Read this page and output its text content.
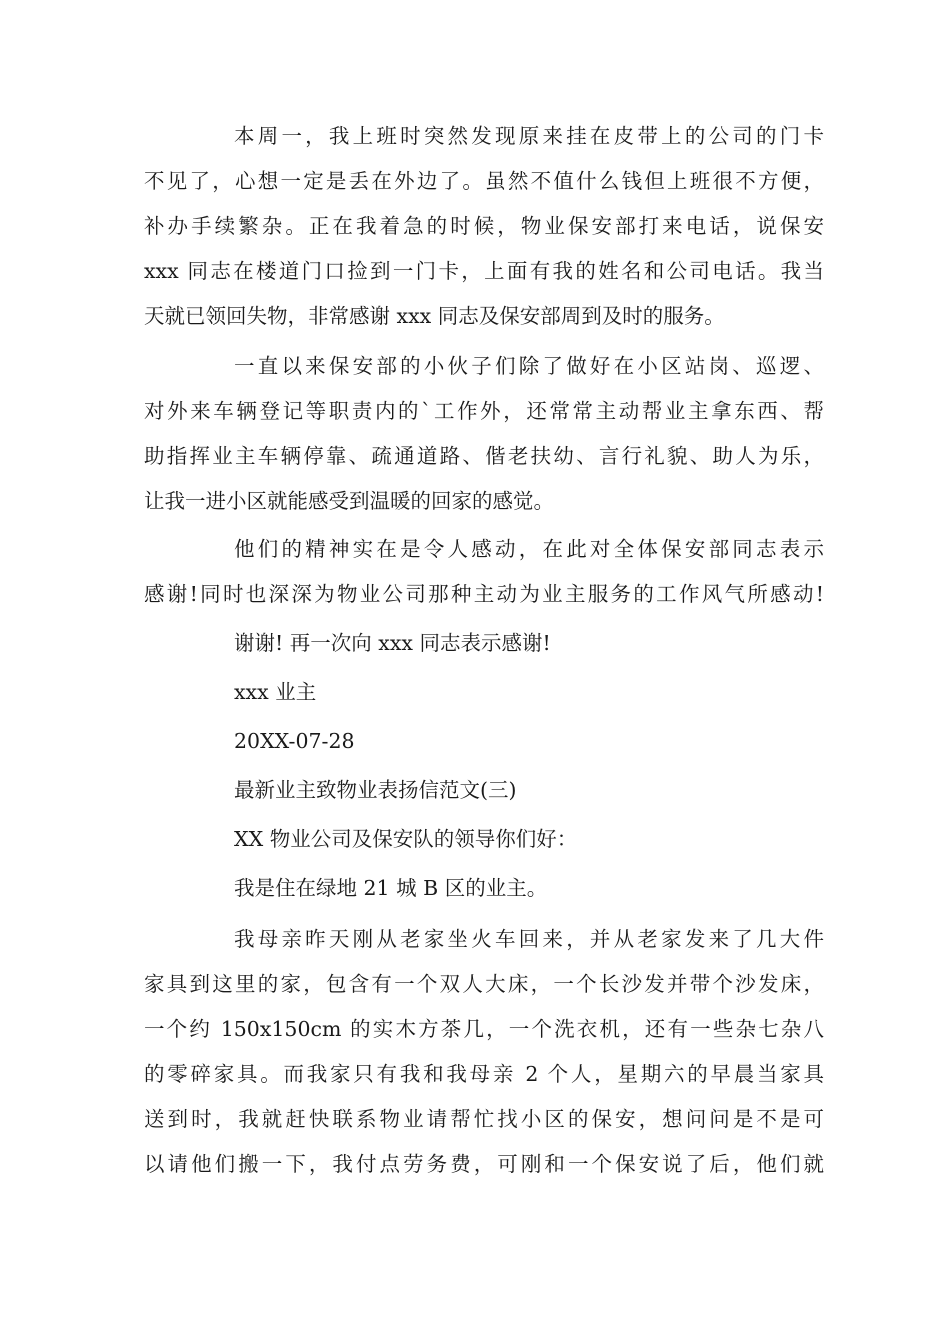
本周一，我上班时突然发现原来挂在皮带上的公司的门卡
不见了，心想一定是丢在外边了。虽然不值什么钱但上班很不方便，
补办手续繁杂。正在我着急的时候，物业保安部打来电话，说保安
xxx 同志在楼道门口捡到一门卡，上面有我的姓名和公司电话。我当
天就已领回失物，非常感谢 xxx 同志及保安部周到及时的服务。
一直以来保安部的小伙子们除了做好在小区站岗、巡逻、
对外来车辆登记等职责内的`工作外，还常常主动帮业主拿东西、帮
助指挥业主车辆停靠、疏通道路、偕老扶幼、言行礼貌、助人为乐，
让我一进小区就能感受到温暖的回家的感觉。
他们的精神实在是令人感动，在此对全体保安部同志表示
感谢!同时也深深为物业公司那种主动为业主服务的工作风气所感动!
谢谢! 再一次向 xxx 同志表示感谢!
xxx 业主
20XX-07-28
最新业主致物业表扬信范文(三)
XX 物业公司及保安队的领导你们好：
我是住在绿地 21 城 B 区的业主。
我母亲昨天刚从老家坐火车回来，并从老家发来了几大件
家具到这里的家，包含有一个双人大床，一个长沙发并带个沙发床，
一个约 150x150cm 的实木方茶几，一个洗衣机，还有一些杂七杂八
的零碎家具。而我家只有我和我母亲 2 个人，星期六的早晨当家具
送到时，我就赶快联系物业请帮忙找小区的保安，想问问是不是可
以请他们搬一下，我付点劳务费，可刚和一个保安说了后，他们就
